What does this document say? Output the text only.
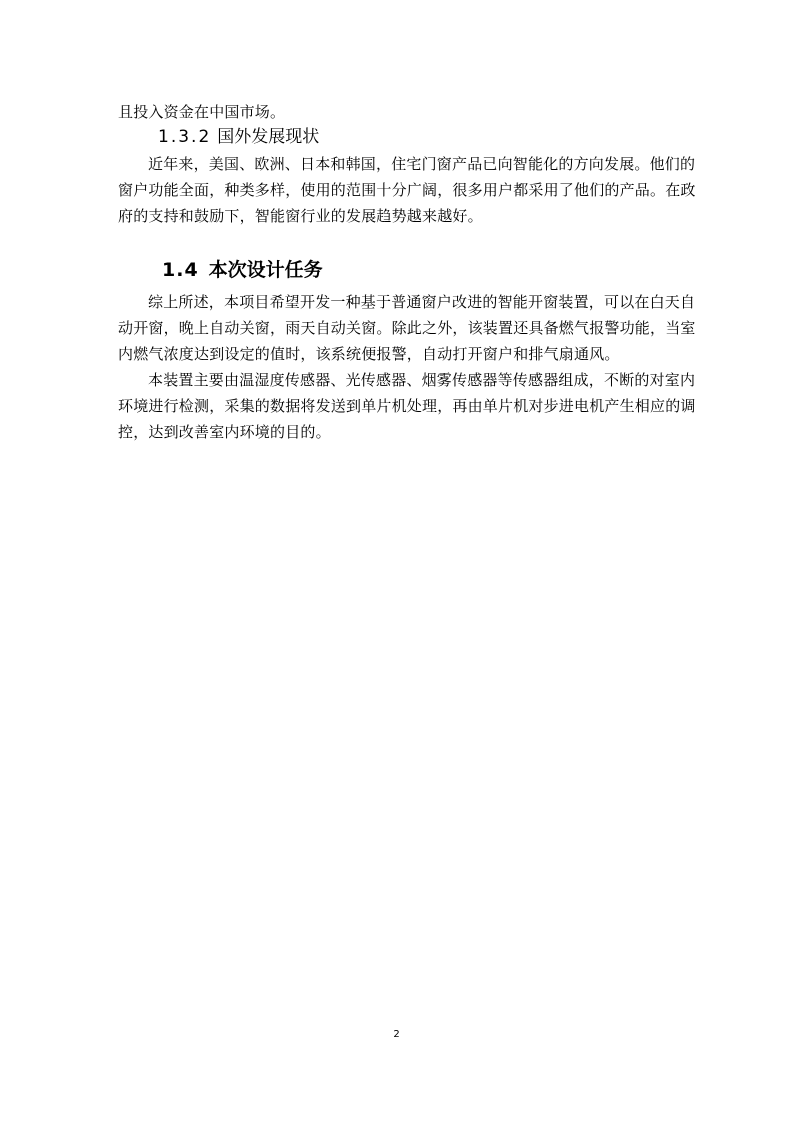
且投入资金在中国市场。
1.3.2 国外发展现状
近年来，美国、欧洲、日本和韩国，住宅门窗产品已向智能化的方向发展。他们的窗户功能全面，种类多样，使用的范围十分广阔，很多用户都采用了他们的产品。在政府的支持和鼓励下，智能窗行业的发展趋势越来越好。
1.4 本次设计任务
综上所述，本项目希望开发一种基于普通窗户改进的智能开窗装置，可以在白天自动开窗，晚上自动关窗，雨天自动关窗。除此之外，该装置还具备燃气报警功能，当室内燃气浓度达到设定的值时，该系统便报警，自动打开窗户和排气扇通风。
本装置主要由温湿度传感器、光传感器、烟雾传感器等传感器组成，不断的对室内环境进行检测，采集的数据将发送到单片机处理，再由单片机对步进电机产生相应的调控，达到改善室内环境的目的。
2
